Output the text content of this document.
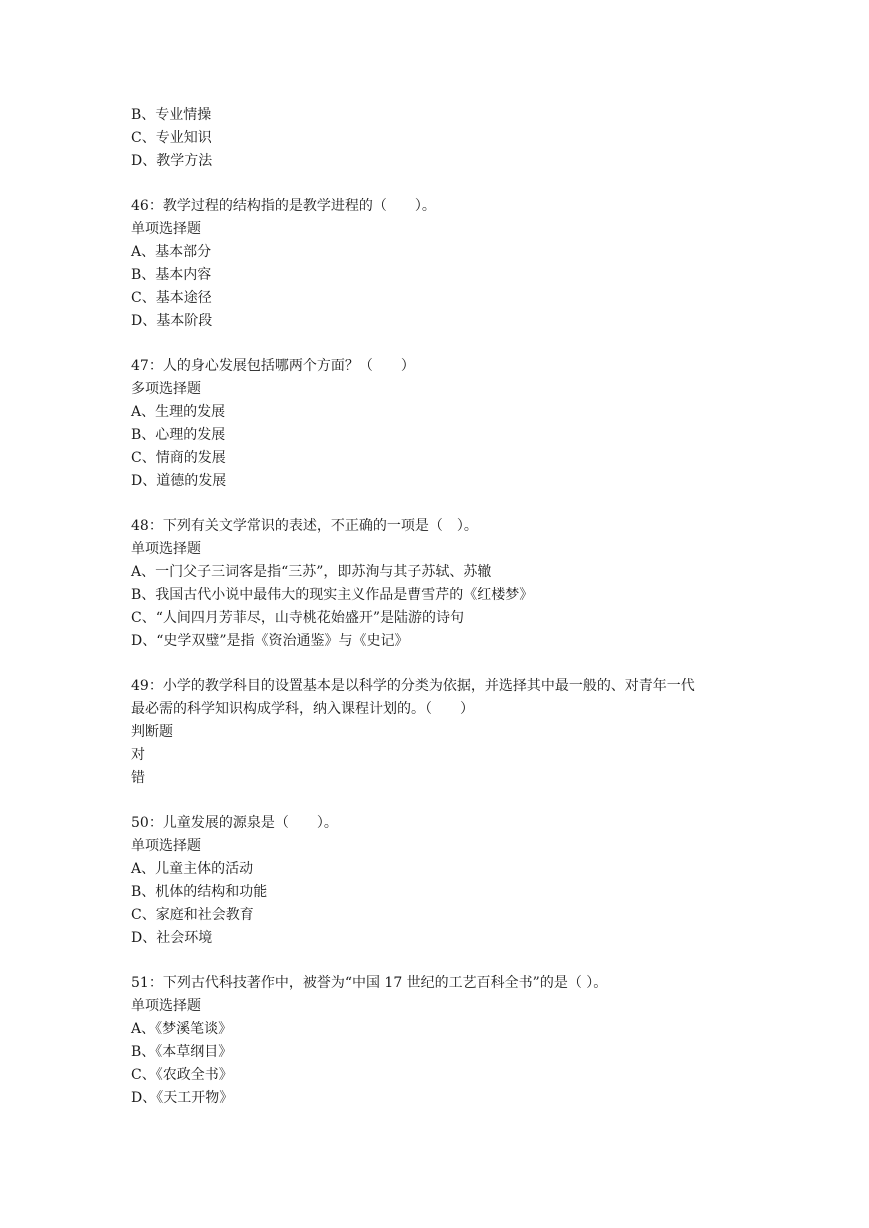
B、专业情操
C、专业知识
D、教学方法
46：教学过程的结构指的是教学进程的（　　）。
单项选择题
A、基本部分
B、基本内容
C、基本途径
D、基本阶段
47：人的身心发展包括哪两个方面？（　　）
多项选择题
A、生理的发展
B、心理的发展
C、情商的发展
D、道德的发展
48：下列有关文学常识的表述，不正确的一项是（　）。
单项选择题
A、一门父子三词客是指“三苏”，即苏洵与其子苏轼、苏辙
B、我国古代小说中最伟大的现实主义作品是曹雪芹的《红楼梦》
C、“人间四月芳菲尽，山寺桃花始盛开”是陆游的诗句
D、“史学双璧”是指《资治通鉴》与《史记》
49：小学的教学科目的设置基本是以科学的分类为依据，并选择其中最一般的、对青年一代
最必需的科学知识构成学科，纳入课程计划的。（　　）
判断题
对
错
50：儿童发展的源泉是（　　）。
单项选择题
A、儿童主体的活动
B、机体的结构和功能
C、家庭和社会教育
D、社会环境
51：下列古代科技著作中，被誉为“中国 17 世纪的工艺百科全书”的是（ ）。
单项选择题
A、《梦溪笔谈》
B、《本草纲目》
C、《农政全书》
D、《天工开物》
